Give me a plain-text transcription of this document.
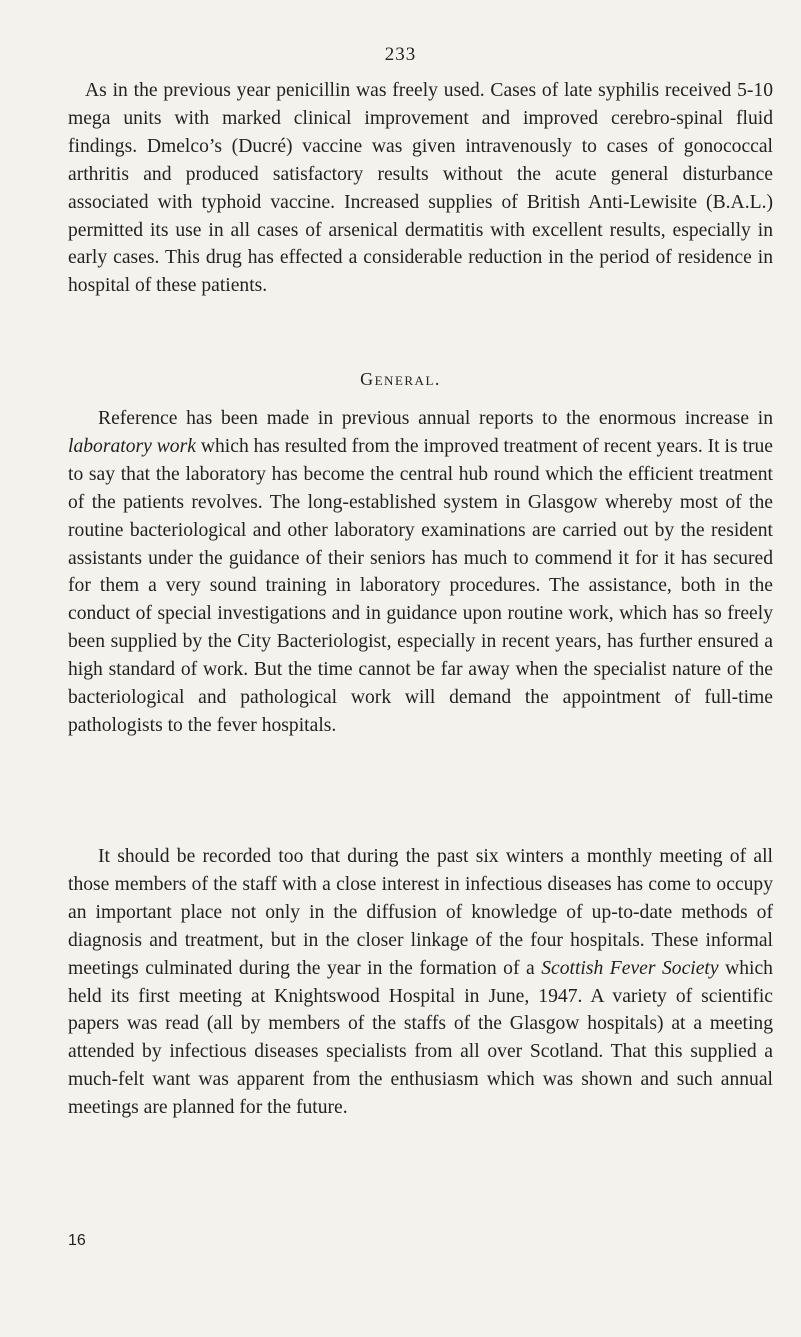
233

As in the previous year penicillin was freely used. Cases of late syphilis received 5-10 mega units with marked clinical improvement and improved cerebro-spinal fluid findings. Dmelco’s (Ducré) vaccine was given intravenously to cases of gonococcal arthritis and produced satisfactory results without the acute general disturbance associated with typhoid vaccine. Increased supplies of British Anti-Lewisite (B.A.L.) permitted its use in all cases of arsenical dermatitis with excellent results, especially in early cases. This drug has effected a considerable reduction in the period of residence in hospital of these patients.

General.

Reference has been made in previous annual reports to the enormous increase in laboratory work which has resulted from the improved treatment of recent years. It is true to say that the laboratory has become the central hub round which the efficient treatment of the patients revolves. The long-established system in Glasgow whereby most of the routine bacteriological and other laboratory examinations are carried out by the resident assistants under the guidance of their seniors has much to commend it for it has secured for them a very sound training in laboratory procedures. The assistance, both in the conduct of special investigations and in guidance upon routine work, which has so freely been supplied by the City Bacteriologist, especially in recent years, has further ensured a high standard of work. But the time cannot be far away when the specialist nature of the bacteriological and pathological work will demand the appointment of full-time pathologists to the fever hospitals.

It should be recorded too that during the past six winters a monthly meeting of all those members of the staff with a close interest in infectious diseases has come to occupy an important place not only in the diffusion of knowledge of up-to-date methods of diagnosis and treatment, but in the closer linkage of the four hospitals. These informal meetings culminated during the year in the formation of a Scottish Fever Society which held its first meeting at Knightswood Hospital in June, 1947. A variety of scientific papers was read (all by members of the staffs of the Glasgow hospitals) at a meeting attended by infectious diseases specialists from all over Scotland. That this supplied a much-felt want was apparent from the enthusiasm which was shown and such annual meetings are planned for the future.

16
